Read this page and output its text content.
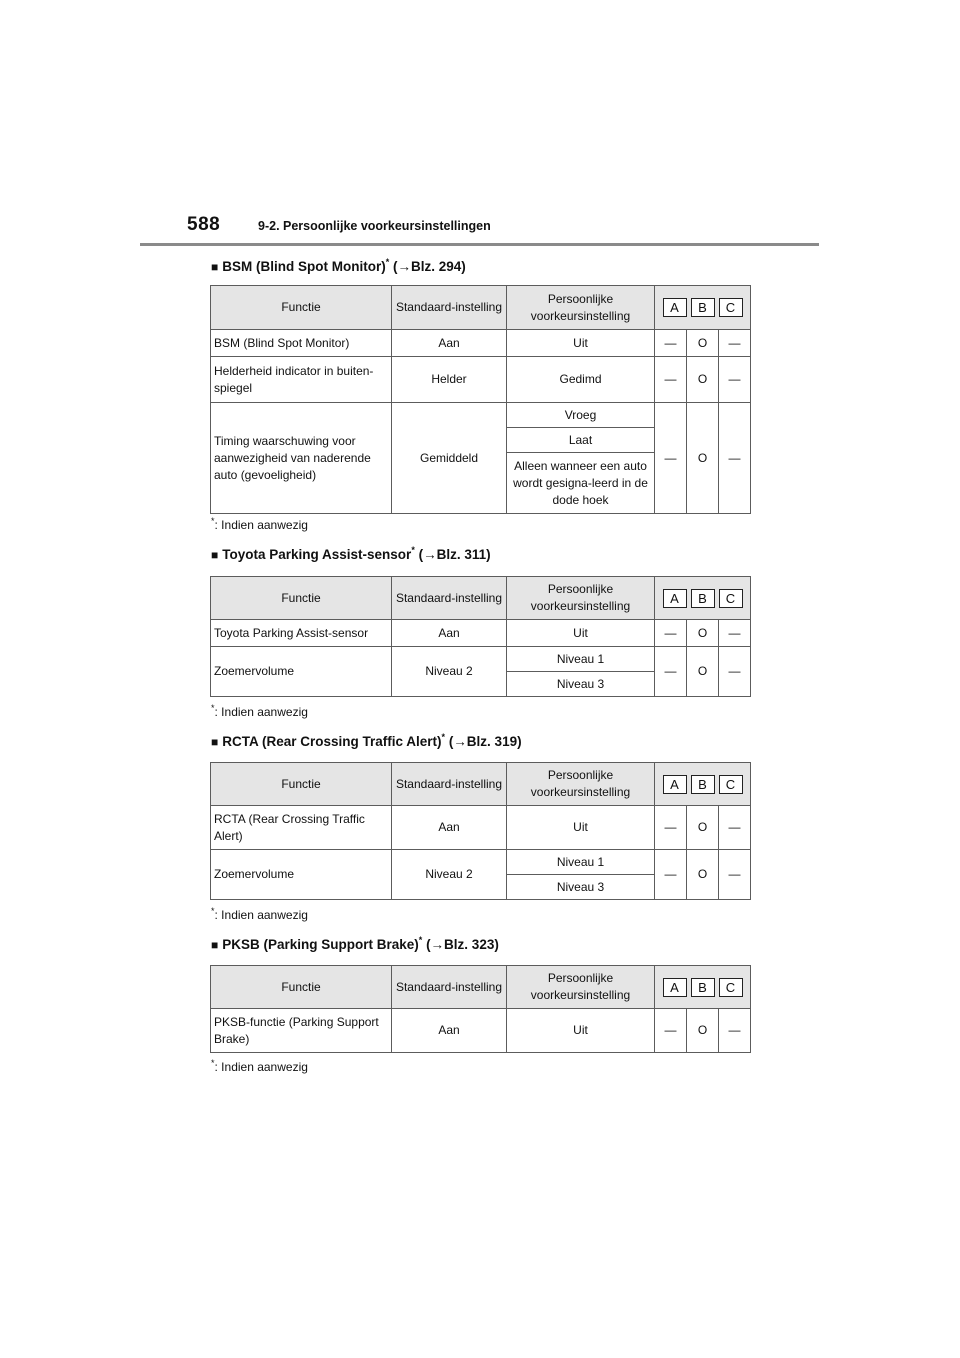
588	9-2. Persoonlijke voorkeursinstellingen
■ BSM (Blind Spot Monitor)* (→Blz. 294)
Functie	Standaard-instelling	Persoonlijke voorkeursinstelling	A B C		

BSM (Blind Spot Monitor)	Aan	Uit	—	O	—
Helderheid indicator in buiten-spiegel	Helder	Gedimd	—	O	—
Timing waarschuwing voor aanwezigheid van naderende auto (gevoeligheid)	Gemiddeld	Vroeg	—	O	—
		Laat			
		Alleen wanneer een auto wordt gesigna-leerd in de dode hoek			
*: Indien aanwezig
■ Toyota Parking Assist-sensor* (→Blz. 311)
Functie	Standaard-instelling	Persoonlijke voorkeursinstelling	A B C		

Toyota Parking Assist-sensor	Aan	Uit	—	O	—
Zoemervolume	Niveau 2	Niveau 1	—	O	—
		Niveau 3			
*: Indien aanwezig
■ RCTA (Rear Crossing Traffic Alert)* (→Blz. 319)
Functie	Standaard-instelling	Persoonlijke voorkeursinstelling	A B C		

RCTA (Rear Crossing Traffic Alert)	Aan	Uit	—	O	—
Zoemervolume	Niveau 2	Niveau 1	—	O	—
		Niveau 3			
*: Indien aanwezig
■ PKSB (Parking Support Brake)* (→Blz. 323)
Functie	Standaard-instelling	Persoonlijke voorkeursinstelling	A B C		

PKSB-functie (Parking Support Brake)	Aan	Uit	—	O	—
*: Indien aanwezig
